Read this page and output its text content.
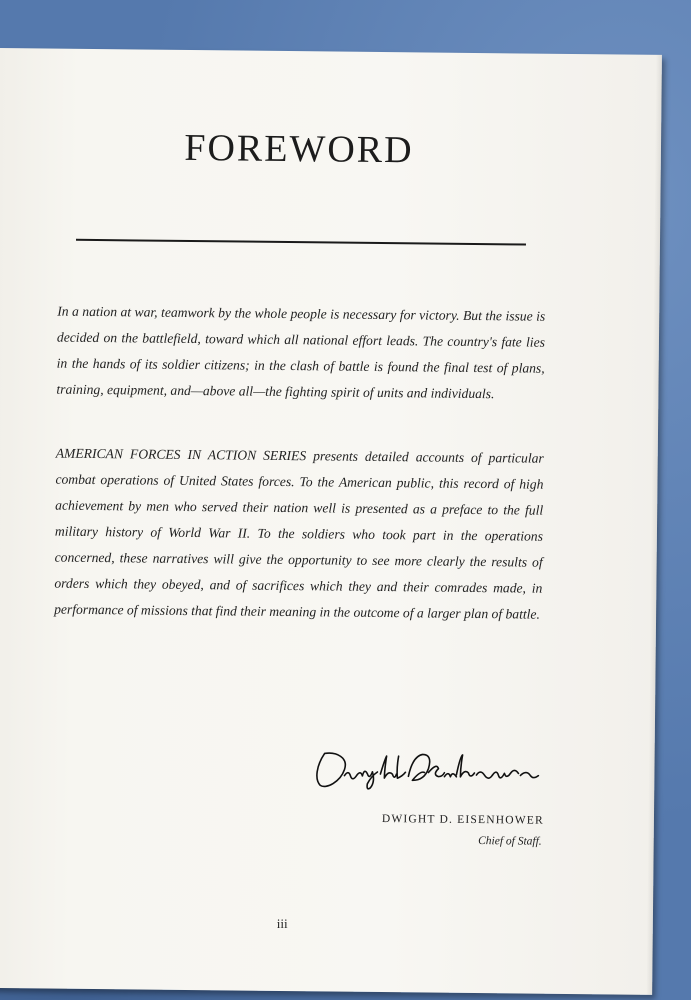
FOREWORD

In a nation at war, teamwork by the whole people is necessary for victory. But the issue is decided on the battlefield, toward which all national effort leads. The country's fate lies in the hands of its soldier citizens; in the clash of battle is found the final test of plans, training, equipment, and—above all—the fighting spirit of units and individuals.

AMERICAN FORCES IN ACTION SERIES presents detailed accounts of particular combat operations of United States forces. To the American public, this record of high achievement by men who served their nation well is presented as a preface to the full military history of World War II. To the soldiers who took part in the operations concerned, these narratives will give the opportunity to see more clearly the results of orders which they obeyed, and of sacrifices which they and their comrades made, in performance of missions that find their meaning in the outcome of a larger plan of battle.

DWIGHT D. EISENHOWER
Chief of Staff.
iii
